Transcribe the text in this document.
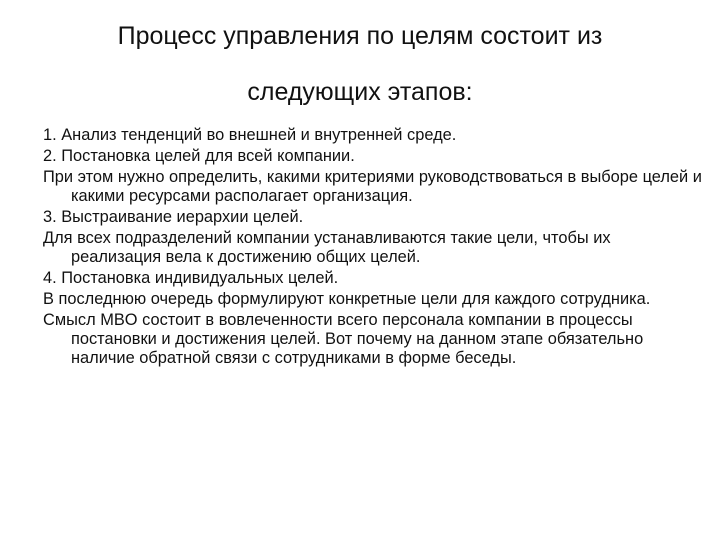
Процесс управления по целям состоит из
следующих этапов:
1. Анализ тенденций во внешней и внутренней среде.
2. Постановка целей для всей компании.
При этом нужно определить, какими критериями руководствоваться в выборе целей и какими ресурсами располагает организация.
3. Выстраивание иерархии целей.
Для всех подразделений компании устанавливаются такие цели, чтобы их реализация вела к достижению общих целей.
4. Постановка индивидуальных целей.
В последнюю очередь формулируют конкретные цели для каждого сотрудника.
Смысл MBO состоит в вовлеченности всего персонала компании в процессы постановки и достижения целей. Вот почему на данном этапе обязательно наличие обратной связи с сотрудниками в форме беседы.
